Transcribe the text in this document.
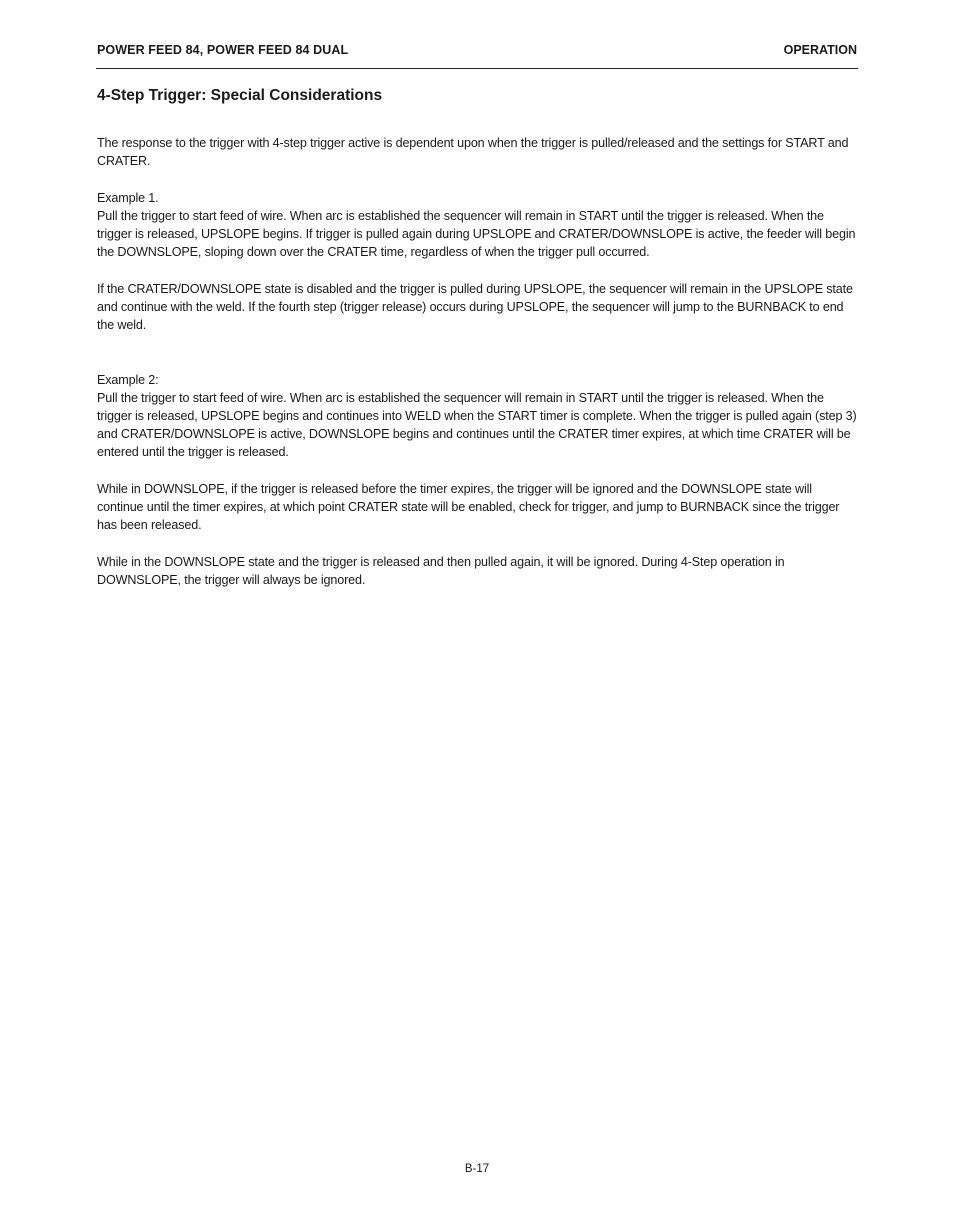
POWER FEED 84, POWER FEED 84 DUAL	OPERATION
4-Step Trigger: Special Considerations

The response to the trigger with 4-step trigger active is dependent upon when the trigger is pulled/released and the settings for START and CRATER.

Example 1.

Pull the trigger to start feed of wire. When arc is established the sequencer will remain in START until the trigger is released. When the trigger is released, UPSLOPE begins. If trigger is pulled again during UPSLOPE and CRATER/DOWNSLOPE is active, the feeder will begin the DOWNSLOPE, sloping down over the CRATER time, regardless of when the trigger pull occurred.

If the CRATER/DOWNSLOPE state is disabled and the trigger is pulled during UPSLOPE, the sequencer will remain in the UPSLOPE state and continue with the weld. If the fourth step (trigger release) occurs during UPSLOPE, the sequencer will jump to the BURNBACK to end the weld.

Example 2:

Pull the trigger to start feed of wire. When arc is established the sequencer will remain in START until the trigger is released. When the trigger is released, UPSLOPE begins and continues into WELD when the START timer is complete. When the trigger is pulled again (step 3) and CRATER/DOWNSLOPE is active, DOWNSLOPE begins and continues until the CRATER timer expires, at which time CRATER will be entered until the trigger is released.

While in DOWNSLOPE, if the trigger is released before the timer expires, the trigger will be ignored and the DOWNSLOPE state will continue until the timer expires, at which point CRATER state will be enabled, check for trigger, and jump to BURNBACK since the trigger has been released.

While in the DOWNSLOPE state and the trigger is released and then pulled again, it will be ignored. During 4-Step operation in DOWNSLOPE, the trigger will always be ignored.

B-17
